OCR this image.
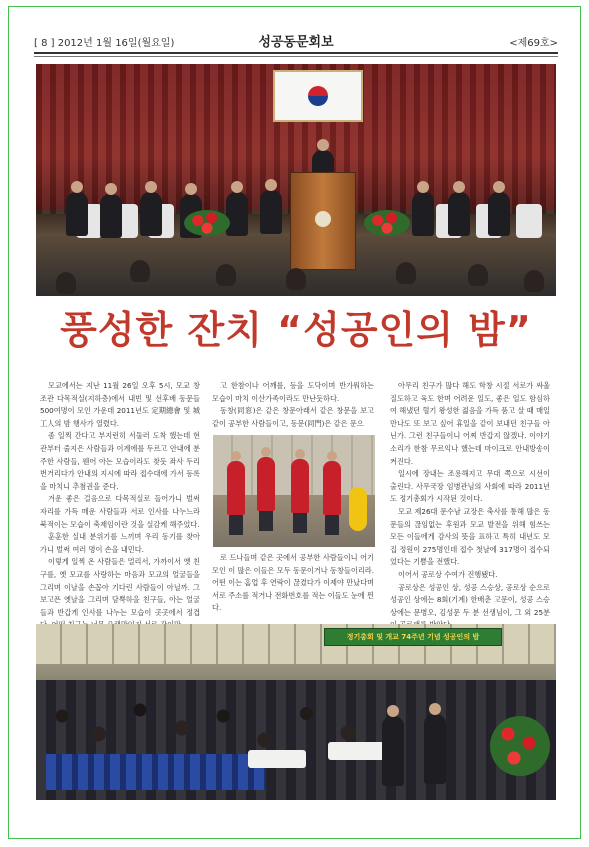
[ 8 ] 2012년 1월 16일(월요일)	성공동문회보	<제69호>
풍성한 잔치 “성공인의 밤”

모교에서는 지난 11월 26일 오후 5시, 모교 창조관 다목적실(지하층)에서 내빈 및 선후배 동문들 500여명이 모인 가운데 2011년도 定期總會 및 城工人의 밤 행사가 열렸다.

좀 일찍 간다고 부지런히 서둘러 도착 했는데 현관부터 줄지은 사람들과 이계에를 두르고 안내에 분주한 사람들, 웬어 아는 모습이라도 찾듯 좌사 두리번거리다가 안내의 지시에 따라 접수대에 가서 등록을 마치니 추첨권을 준다.

겨운 좋은 걸음으로 다목적실로 들어가니 벌써 자리를 가득 메운 사람들과 서로 인사를 나누느라 북적이는 모습이 축제임이란 것을 실감케 해주었다.

훈훈한 실내 분위기를 느끼며 우리 동기를 찾아가니 벌써 여러 명이 손을 내민다.

이렇게 일찍 온 사람들은 멀리서, 가까이서 옛 친구를, 옛 모교를 사랑하는 마음과 모교의 얼굴들을 그리며 이날을 손꼽아 기다린 사람들이 아닐까. 그 보고픈 옛날을 그리며 담뿍하을 친구들, 아는 얼굴들과 반갑게 인사를 나누는 모습이 곳곳에서 정겹

고 한참이나 어깨를, 등을 도닥이며 반가워하는 모습이 마치 이산가족이라도 만난듯하다.

동창(同窓)은 같은 창문아래서 같은 창문을 보고 같이 공부한 사람들이고, 동문(同門)은 같은 문으

로 드나들며 같은 곳에서 공부한 사람들이니 어기 모인 이 많은 이들은 모두 동문이거나 동창들이리라. 어떤 이는 홈업 후 연락이 끊겼다가 이제야 만났다며 서로 주소를 적거나 전화번호를 적는 이들도 눈에 띈다.

아무리 친구가 많다 해도 학창 시절 서로가 싸울 질도하고 육도 한며 어려운 일도, 좋은 일도 함심하여 해냈던 혈기 왕성한 젊음을 가득 품고 살 때 매일 만나도 또 보고 싶어 휴일을 같이 보내던 친구들 아닌가. 그런 친구들이니 어찌 반갑지 않겠나. 이야기 소리가 한참 무르익나 했는데 마이크로 안내방송이 켜진다.

일시에 장내는 조용해지고 무대 쪽으로 시선이 출린다. 사무국장 임병관님의 사회에 따라 2011년도 정기총회가 시작된 것이다.

모교 제26대 문수남 교장은 축사를 통해 많은 동문들의 끊임없는 후원과 모교 발전을 위해 힘쓰는 모든 이들에게 감사의 뜻을 표하고 특히 내년도 모집 정원이 275명인데 접수 첫날에 317명이 접수되었다는 기쁨을 전했다.

이어서 공로상 수여가 진행됐다.

공로상은 성공인 상, 성공 스승상, 공로상 순으로 성공인 상에는 8회(기계) 한배춘 고문이, 성공 스승 상에는 문병오, 김성문 두 분 선생님이, 그 외 25분

정기총회 및 개교 74주년 기념 성공인의 밤
